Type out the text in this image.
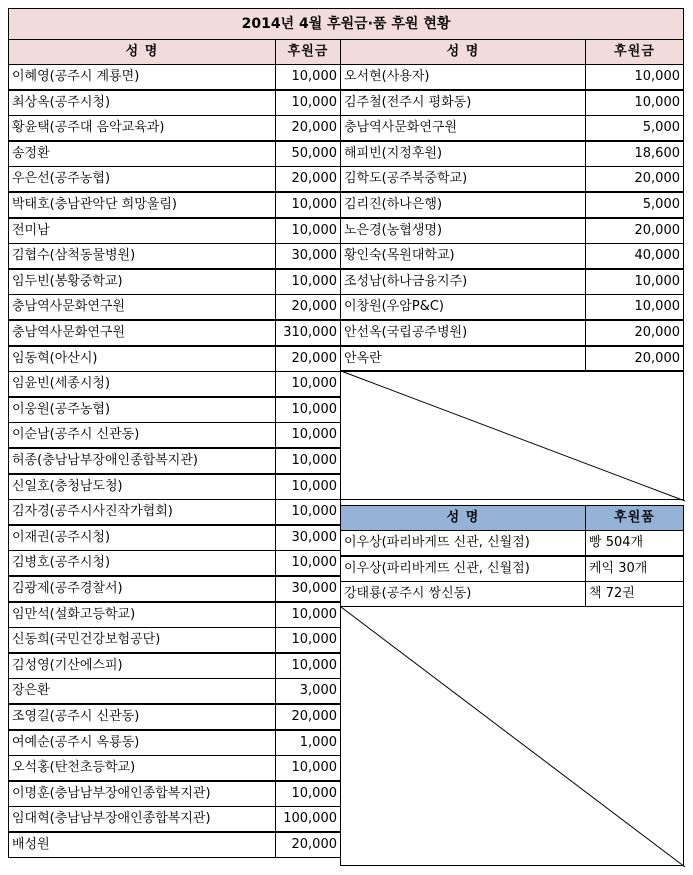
2014년 4월 후원금·품 후원 현황
성 명	후원금	성 명	후원금
이혜영(공주시 계룡면)	10,000
최상옥(공주시청)	10,000
황윤택(공주대 음악교육과)	20,000
송정환	50,000
우은선(공주농협)	20,000
박태호(충남관악단 희망울림)	10,000
전미남	10,000
김협수(삼척동물병원)	30,000
임두빈(봉황중학교)	10,000
충남역사문화연구원	20,000
충남역사문화연구원	310,000
임동혁(아산시)	20,000
임윤빈(세종시청)	10,000
이웅원(공주농협)	10,000
이순남(공주시 신관동)	10,000
허종(충남남부장애인종합복지관)	10,000
신일호(충청남도청)	10,000
김자경(공주시사진작가협회)	10,000
이재권(공주시청)	30,000
김병호(공주시청)	10,000
김광제(공주경찰서)	30,000
임만석(설화고등학교)	10,000
신동희(국민건강보험공단)	10,000
김성영(기산에스피)	10,000
장은환	3,000
조영길(공주시 신관동)	20,000
여예순(공주시 옥룡동)	1,000
오석홍(탄천초등학교)	10,000
이명훈(충남남부장애인종합복지관)	10,000
임대혁(충남남부장애인종합복지관)	100,000
배성원	20,000
오서현(사용자)	10,000
김주철(전주시 평화동)	10,000
충남역사문화연구원	5,000
해피빈(지정후원)	18,600
김학도(공주북중학교)	20,000
김리진(하나은행)	5,000
노은경(농협생명)	20,000
황인숙(목원대학교)	40,000
조성남(하나금융지주)	10,000
이창원(우암P&C)	10,000
안선옥(국립공주병원)	20,000
안옥란	20,000
성 명	후원품
이우상(파리바게뜨 신관, 신월점)	빵 504개
이우상(파리바게뜨 신관, 신월점)	케익 30개
강태룡(공주시 쌍신동)	책 72권
